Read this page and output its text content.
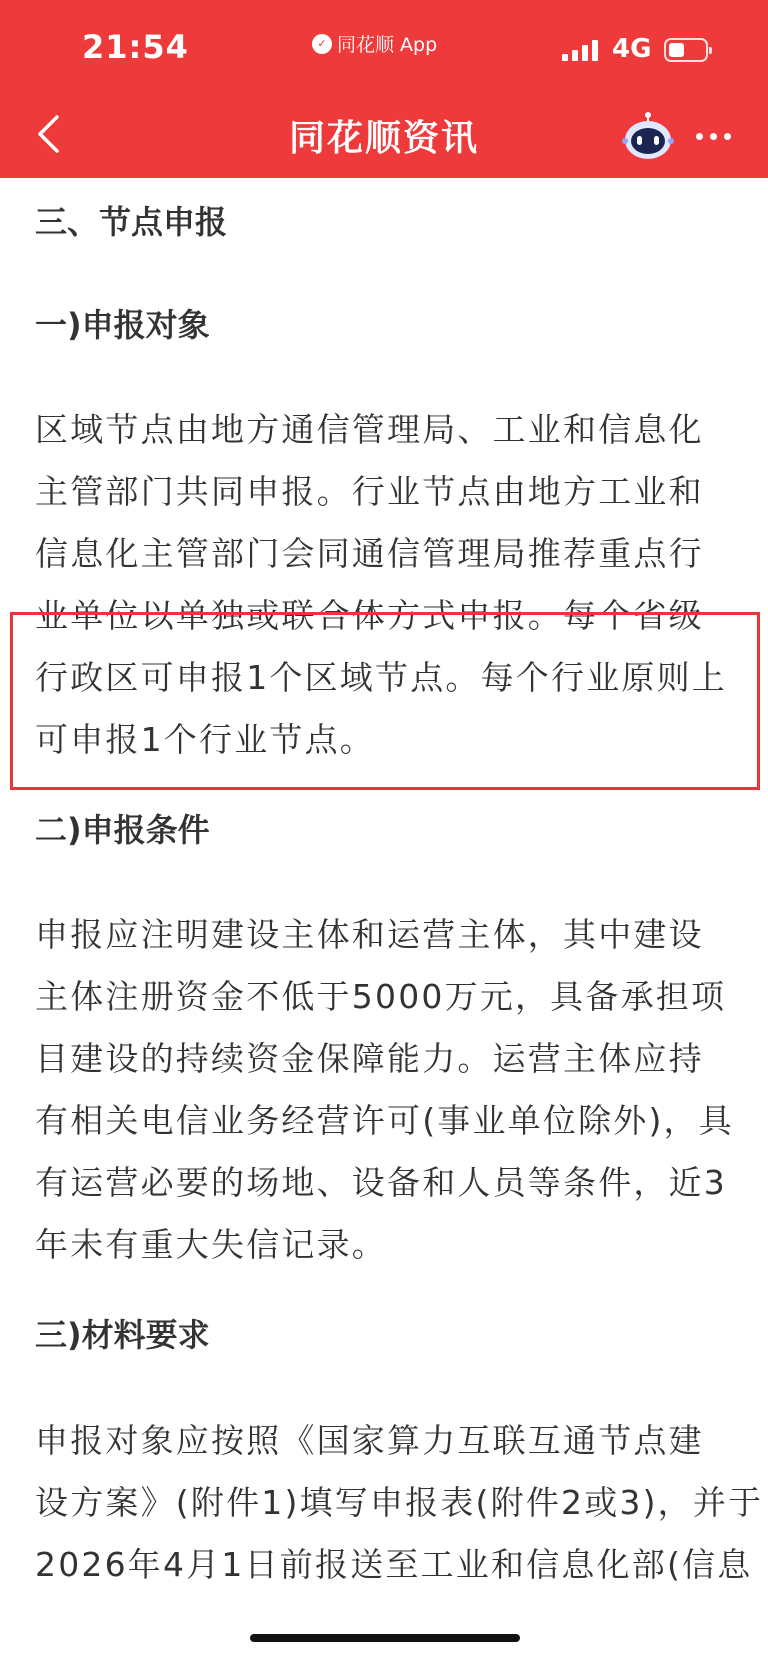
21:54	✓ 同花顺 App	4G
同花顺资讯
三、节点申报
一)申报对象

区域节点由地方通信管理局、工业和信息化
主管部门共同申报。行业节点由地方工业和
信息化主管部门会同通信管理局推荐重点行
业单位以单独或联合体方式申报。每个省级
行政区可申报1个区域节点。每个行业原则上
可申报1个行业节点。

二)申报条件

申报应注明建设主体和运营主体，其中建设
主体注册资金不低于5000万元，具备承担项
目建设的持续资金保障能力。运营主体应持
有相关电信业务经营许可(事业单位除外)，具
有运营必要的场地、设备和人员等条件，近3
年未有重大失信记录。

三)材料要求

申报对象应按照《国家算力互联互通节点建
设方案》(附件1)填写申报表(附件2或3)，并于
2026年4月1日前报送至工业和信息化部(信息
